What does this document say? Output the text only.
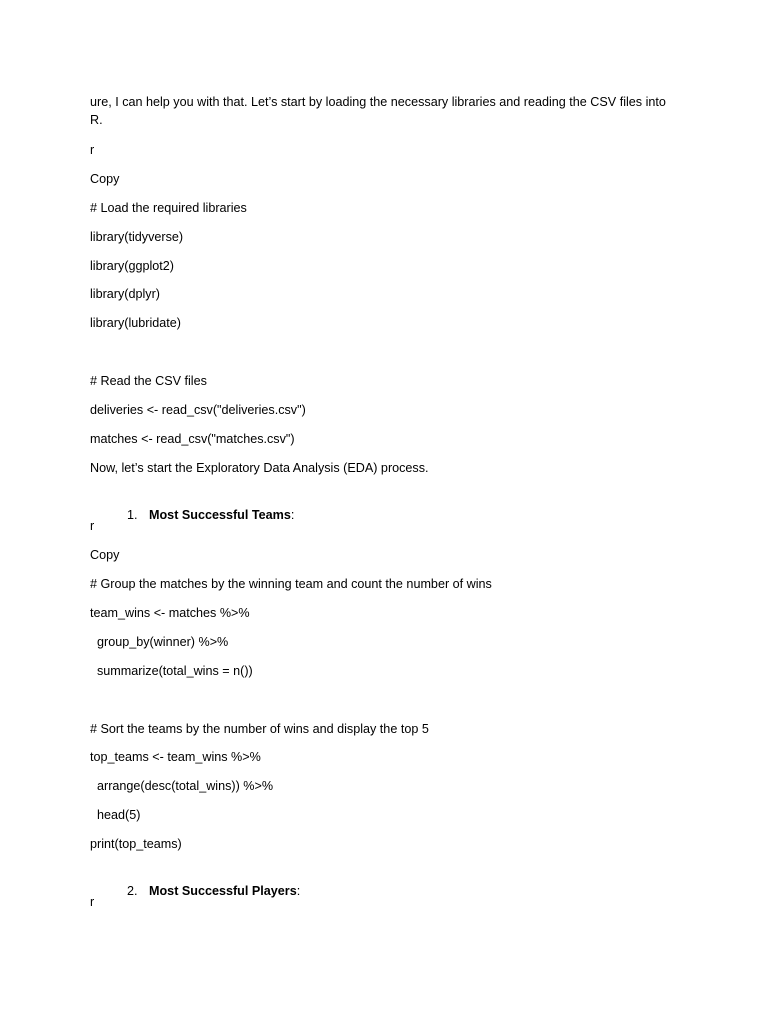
ure, I can help you with that. Let’s start by loading the necessary libraries and reading the CSV files into R.
r
Copy
# Load the required libraries
library(tidyverse)
library(ggplot2)
library(dplyr)
library(lubridate)
# Read the CSV files
deliveries <- read_csv("deliveries.csv")
matches <- read_csv("matches.csv")
Now, let’s start the Exploratory Data Analysis (EDA) process.

1. Most Successful Teams:

r
Copy
# Group the matches by the winning team and count the number of wins
team_wins <- matches %>%
group_by(winner) %>%
summarize(total_wins = n())
# Sort the teams by the number of wins and display the top 5
top_teams <- team_wins %>%
arrange(desc(total_wins)) %>%
head(5)
print(top_teams)

2. Most Successful Players:

r
